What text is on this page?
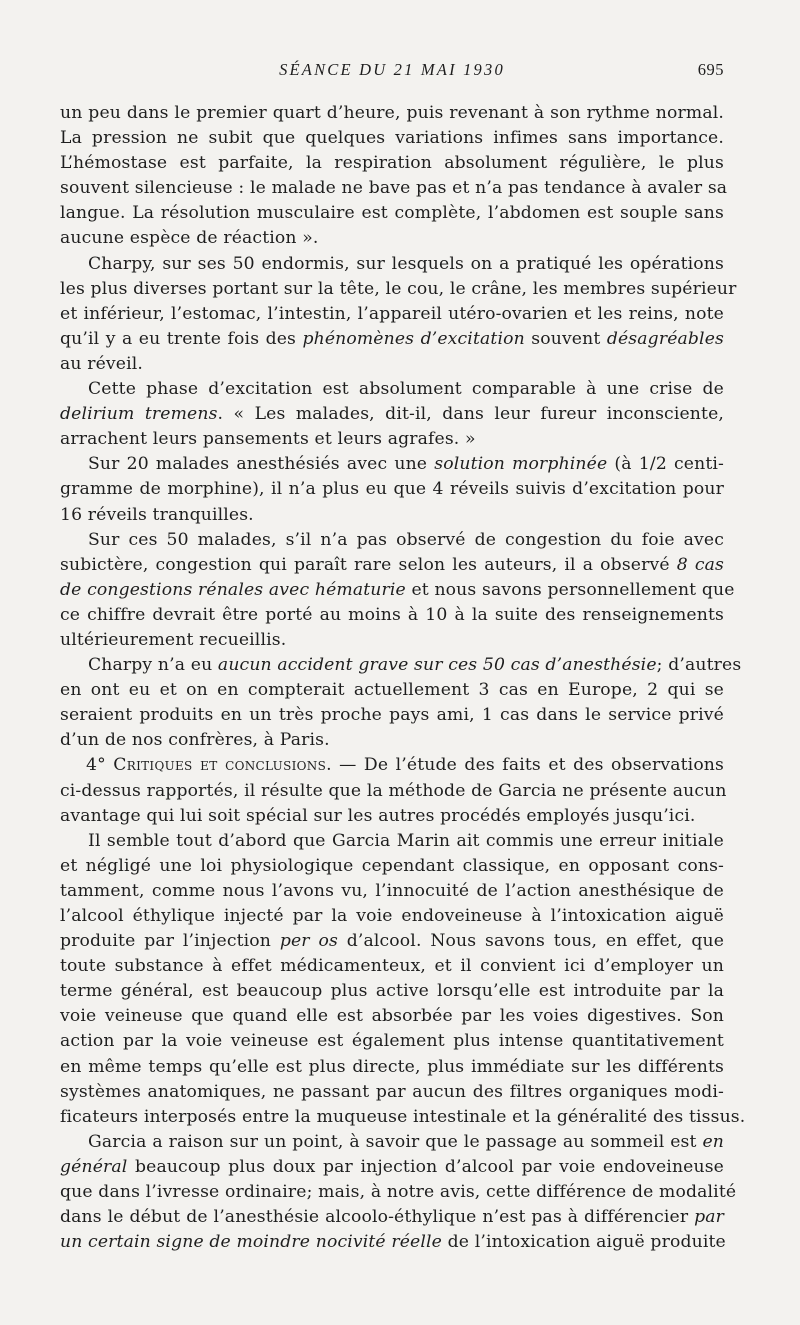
SÉANCE DU 21 MAI 1930	695
un peu dans le premier quart d’heure, puis revenant à son rythme normal.
La pression ne subit que quelques variations infimes sans importance.
L’hémostase est parfaite, la respiration absolument régulière, le plus
souvent silencieuse : le malade ne bave pas et n’a pas tendance à avaler sa
langue. La résolution musculaire est complète, l’abdomen est souple sans
aucune espèce de réaction ».
Charpy, sur ses 50 endormis, sur lesquels on a pratiqué les opérations
les plus diverses portant sur la tête, le cou, le crâne, les membres supérieur
et inférieur, l’estomac, l’intestin, l’appareil utéro-ovarien et les reins, note
qu’il y a eu trente fois des phénomènes d’excitation souvent désagréables
au réveil.
Cette phase d’excitation est absolument comparable à une crise de
delirium tremens. « Les malades, dit-il, dans leur fureur inconsciente,
arrachent leurs pansements et leurs agrafes. »
Sur 20 malades anesthésiés avec une solution morphinée (à 1/2 centi-
gramme de morphine), il n’a plus eu que 4 réveils suivis d’excitation pour
16 réveils tranquilles.
Sur ces 50 malades, s’il n’a pas observé de congestion du foie avec
subictère, congestion qui paraît rare selon les auteurs, il a observé 8 cas
de congestions rénales avec hématurie et nous savons personnellement que
ce chiffre devrait être porté au moins à 10 à la suite des renseignements
ultérieurement recueillis.
Charpy n’a eu aucun accident grave sur ces 50 cas d’anesthésie; d’autres
en ont eu et on en compterait actuellement 3 cas en Europe, 2 qui se
seraient produits en un très proche pays ami, 1 cas dans le service privé
d’un de nos confrères, à Paris.
4° Critiques et conclusions. — De l’étude des faits et des observations
ci-dessus rapportés, il résulte que la méthode de Garcia ne présente aucun
avantage qui lui soit spécial sur les autres procédés employés jusqu’ici.
Il semble tout d’abord que Garcia Marin ait commis une erreur initiale
et négligé une loi physiologique cependant classique, en opposant cons-
tamment, comme nous l’avons vu, l’innocuité de l’action anesthésique de
l’alcool éthylique injecté par la voie endoveineuse à l’intoxication aiguë
produite par l’injection per os d’alcool. Nous savons tous, en effet, que
toute substance à effet médicamenteux, et il convient ici d’employer un
terme général, est beaucoup plus active lorsqu’elle est introduite par la
voie veineuse que quand elle est absorbée par les voies digestives. Son
action par la voie veineuse est également plus intense quantitativement
en même temps qu’elle est plus directe, plus immédiate sur les différents
systèmes anatomiques, ne passant par aucun des filtres organiques modi-
ficateurs interposés entre la muqueuse intestinale et la généralité des tissus.
Garcia a raison sur un point, à savoir que le passage au sommeil est en
général beaucoup plus doux par injection d’alcool par voie endoveineuse
que dans l’ivresse ordinaire; mais, à notre avis, cette différence de modalité
dans le début de l’anesthésie alcoolo-éthylique n’est pas à différencier par
un certain signe de moindre nocivité réelle de l’intoxication aiguë produite
